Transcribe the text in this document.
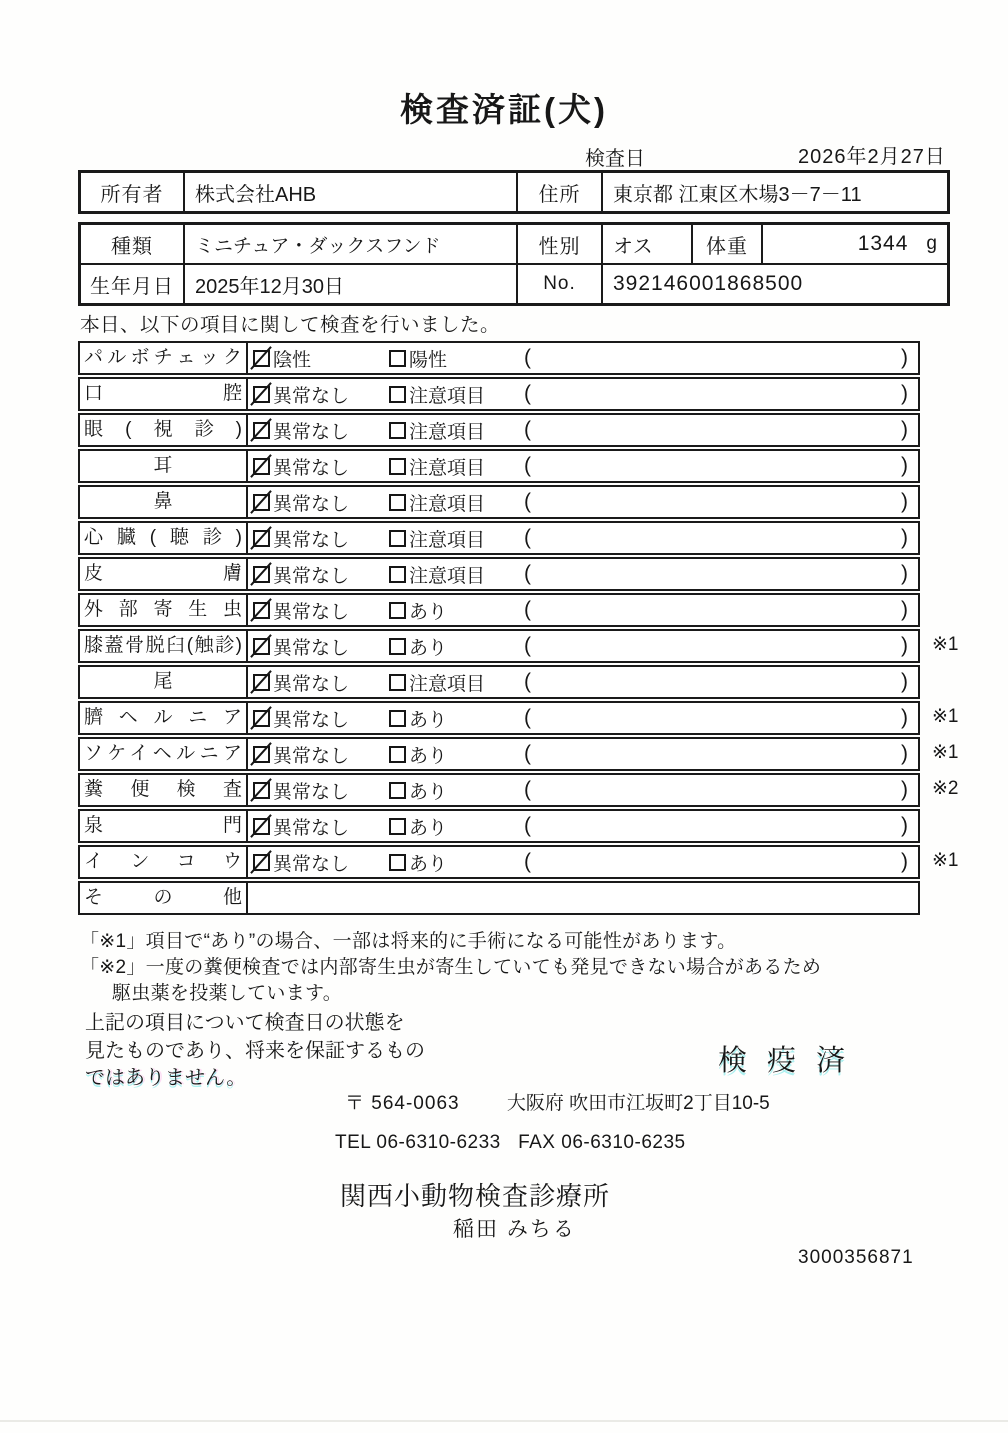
検査済証(犬)
検査日	2026年2月27日
所有者	株式会社AHB	住所	東京都 江東区木場3－7－11
種類	ミニチュア・ダックスフンド	性別	オス	体重	1344 g
生年月日	2025年12月30日	No.	392146001868500
本日、以下の項目に関して検査を行いました。
パルボチェック	陰性	陽性	(	)
口腔	異常なし	注意項目 (	)
眼(視診)	異常なし	注意項目 (	)
耳	異常なし	注意項目 (	)
鼻	異常なし	注意項目 (	)
心臓(聴診)	異常なし	注意項目 (	)
皮膚	異常なし	注意項目 (	)
外部寄生虫	異常なし	あり	(	)
膝蓋骨脱臼(触診)	異常なし	あり	(	) ※1
尾	異常なし	注意項目 (	)
臍ヘルニア	異常なし	あり	(	) ※1
ソケイヘルニア	異常なし	あり	(	) ※1
糞便検査	異常なし	あり	(	) ※2
泉門	異常なし	あり	(	)
インコウ	異常なし	あり	(	) ※1
その他
「※1」項目で“あり”の場合、一部は将来的に手術になる可能性があります。
「※2」一度の糞便検査では内部寄生虫が寄生していても発見できない場合があるため
駆虫薬を投薬しています。
上記の項目について検査日の状態を
見たものであり、将来を保証するもの
ではありません。
検 疫 済
〒 564-0063 大阪府 吹田市江坂町2丁目10-5
TEL 06-6310-6233   FAX 06-6310-6235
関西小動物検査診療所
稲田 みちる
3000356871
